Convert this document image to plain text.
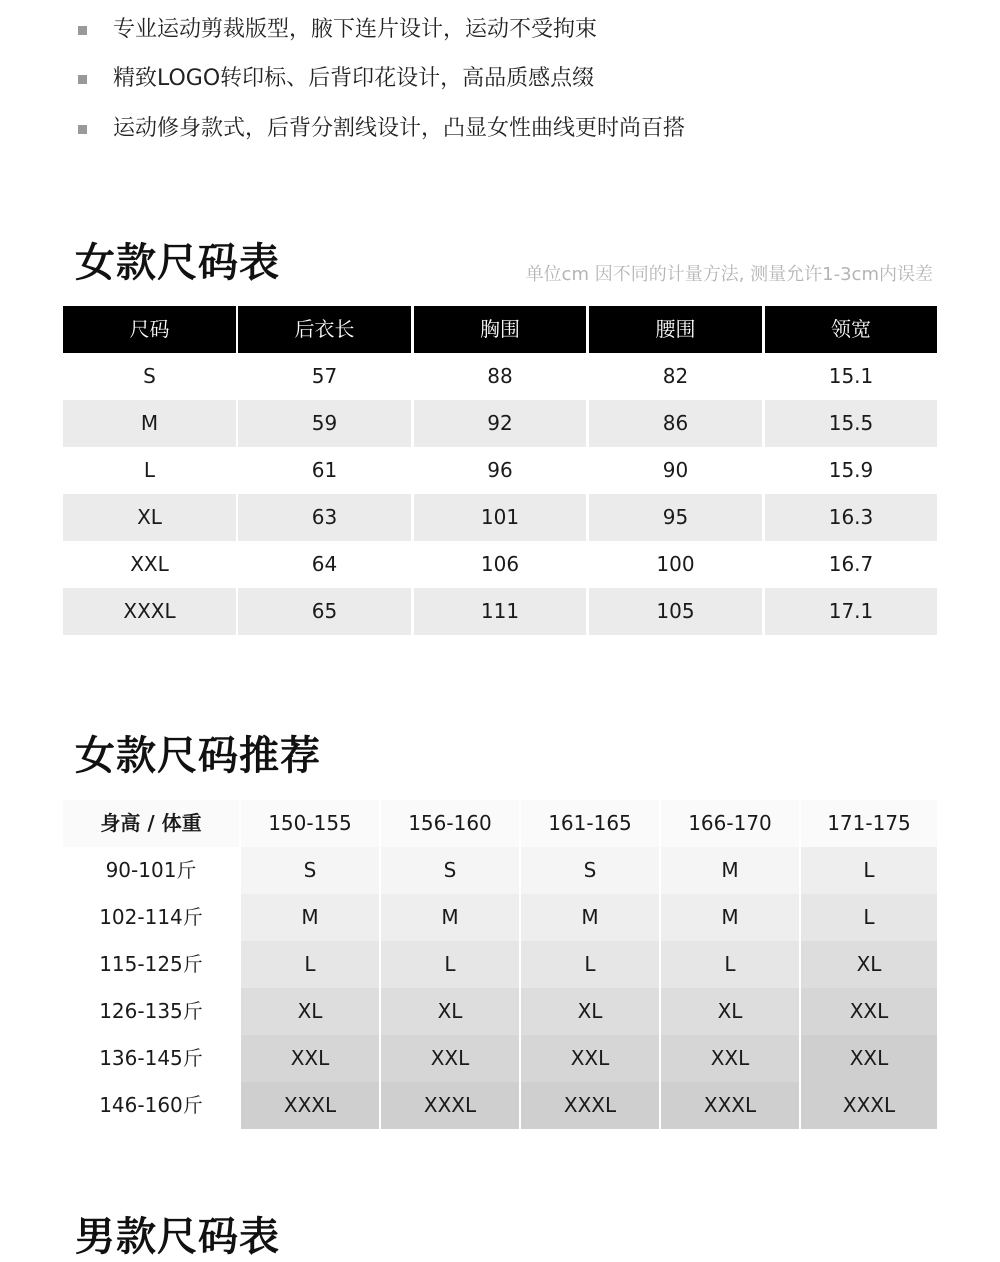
专业运动剪裁版型，腋下连片设计，运动不受拘束
精致LOGO转印标、后背印花设计，高品质感点缀
运动修身款式，后背分割线设计，凸显女性曲线更时尚百搭
女款尺码表	单位cm 因不同的计量方法, 测量允许1-3cm内误差
尺码	后衣长	胸围	腰围	领宽
S	57	88	82	15.1
M	59	92	86	15.5
L	61	96	90	15.9
XL	63	101	95	16.3
XXL	64	106	100	16.7
XXXL	65	111	105	17.1
女款尺码推荐
身高 / 体重	150-155	156-160	161-165	166-170	171-175
90-101斤	S	S	S	M	L
102-114斤	M	M	M	M	L
115-125斤	L	L	L	L	XL
126-135斤	XL	XL	XL	XL	XXL
136-145斤	XXL	XXL	XXL	XXL	XXL
146-160斤	XXXL	XXXL	XXXL	XXXL	XXXL
男款尺码表
